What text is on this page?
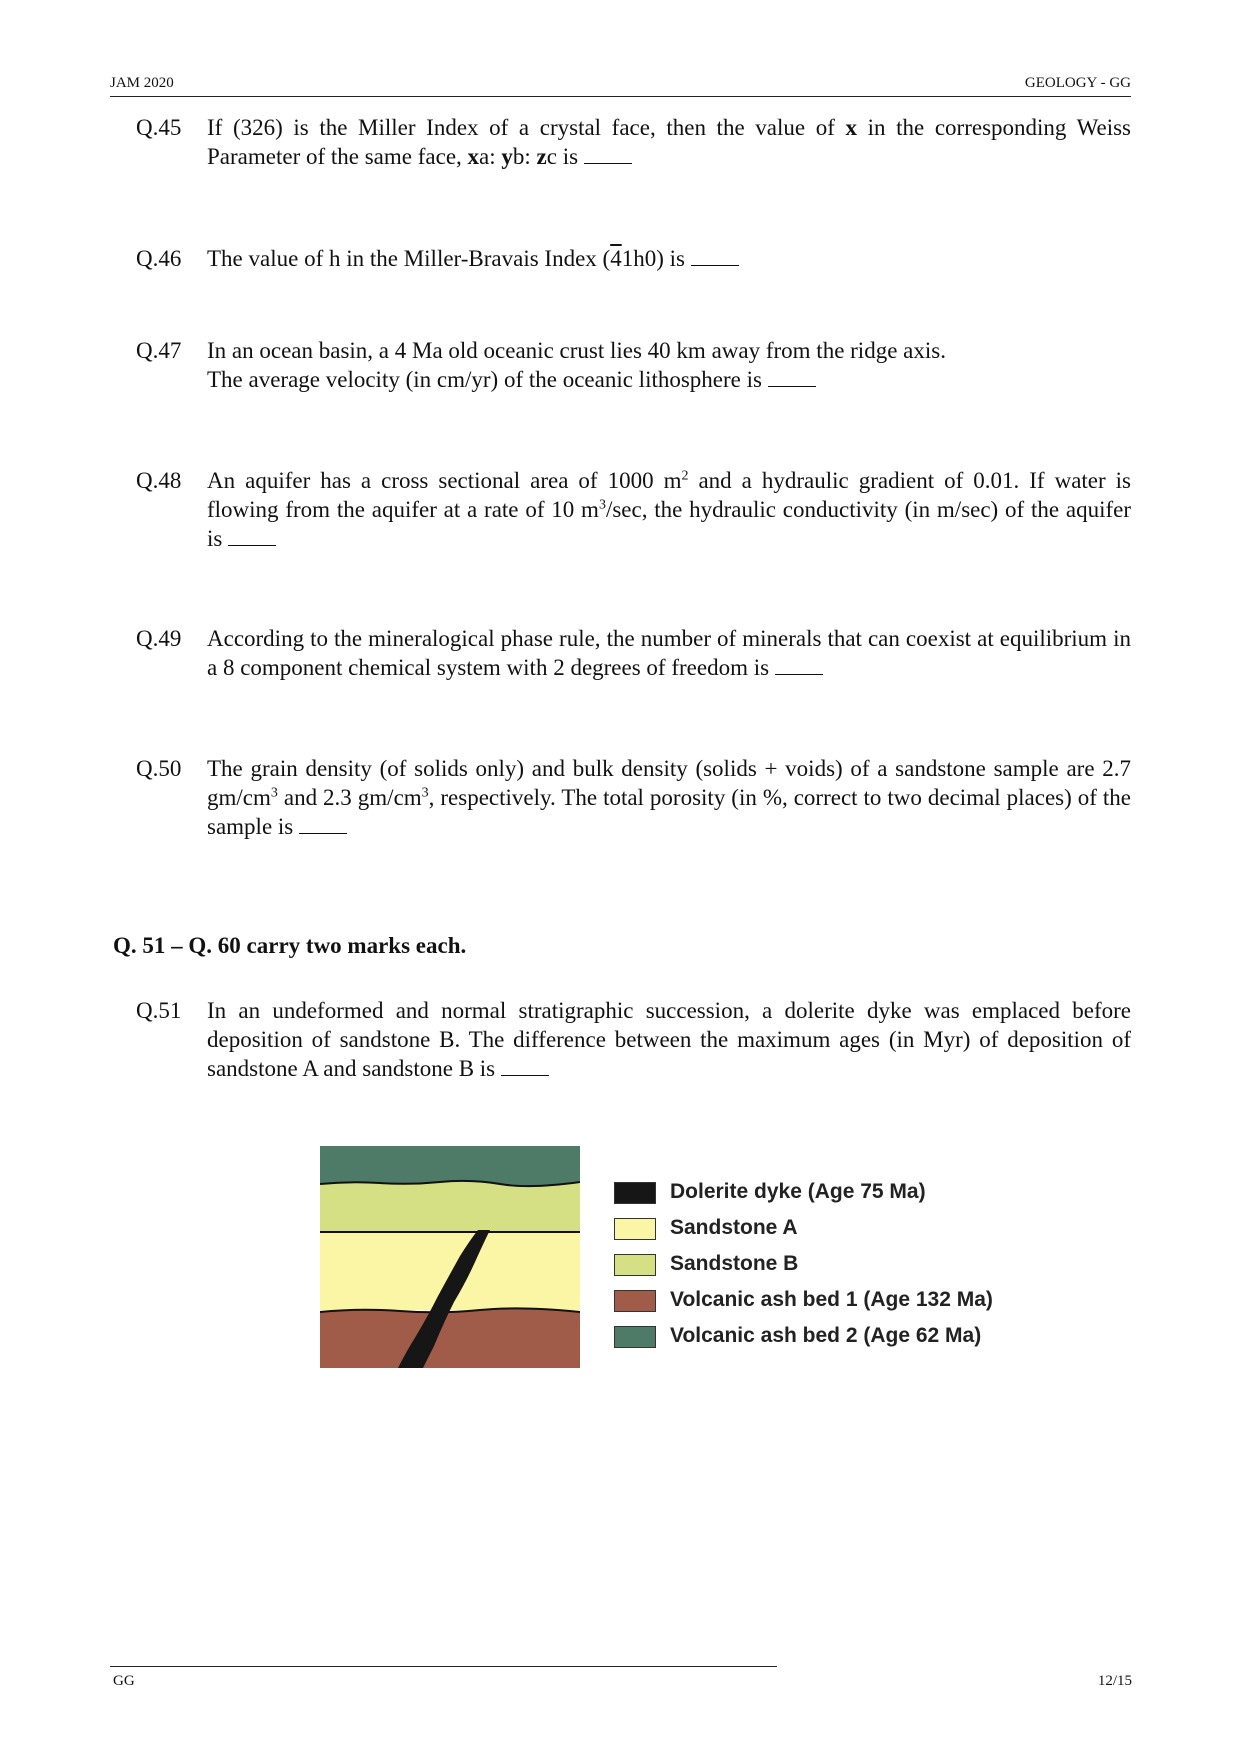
JAM 2020	GEOLOGY - GG
Q.45	If (326) is the Miller Index of a crystal face, then the value of x in the corresponding Weiss Parameter of the same face, xa: yb: zc is
Q.46	The value of h in the Miller-Bravais Index (41h0) is
Q.47	In an ocean basin, a 4 Ma old oceanic crust lies 40 km away from the ridge axis.
The average velocity (in cm/yr) of the oceanic lithosphere is
Q.48	An aquifer has a cross sectional area of 1000 $m^2$ and a hydraulic gradient of 0.01. If water is flowing from the aquifer at a rate of 10 $m^3/\sec$, the hydraulic conductivity (in m/sec) of the aquifer is
Q.49	According to the mineralogical phase rule, the number of minerals that can coexist at equilibrium in a 8 component chemical system with 2 degrees of freedom is
Q.50	The grain density (of solids only) and bulk density (solids + voids) of a sandstone sample are 2.7 $gm/cm^3$ and 2.3 $gm/cm^3$, respectively. The total porosity (in %, correct to two decimal places) of the sample is
Q. 51 – Q. 60 carry two marks each.
Q.51	In an undeformed and normal stratigraphic succession, a dolerite dyke was emplaced before deposition of sandstone B. The difference between the maximum ages (in Myr) of deposition of sandstone A and sandstone B is
Dolerite dyke (Age 75 Ma)
Sandstone A
Sandstone B
Volcanic ash bed 1 (Age 132 Ma)
Volcanic ash bed 2 (Age 62 Ma)
GG	12/15
